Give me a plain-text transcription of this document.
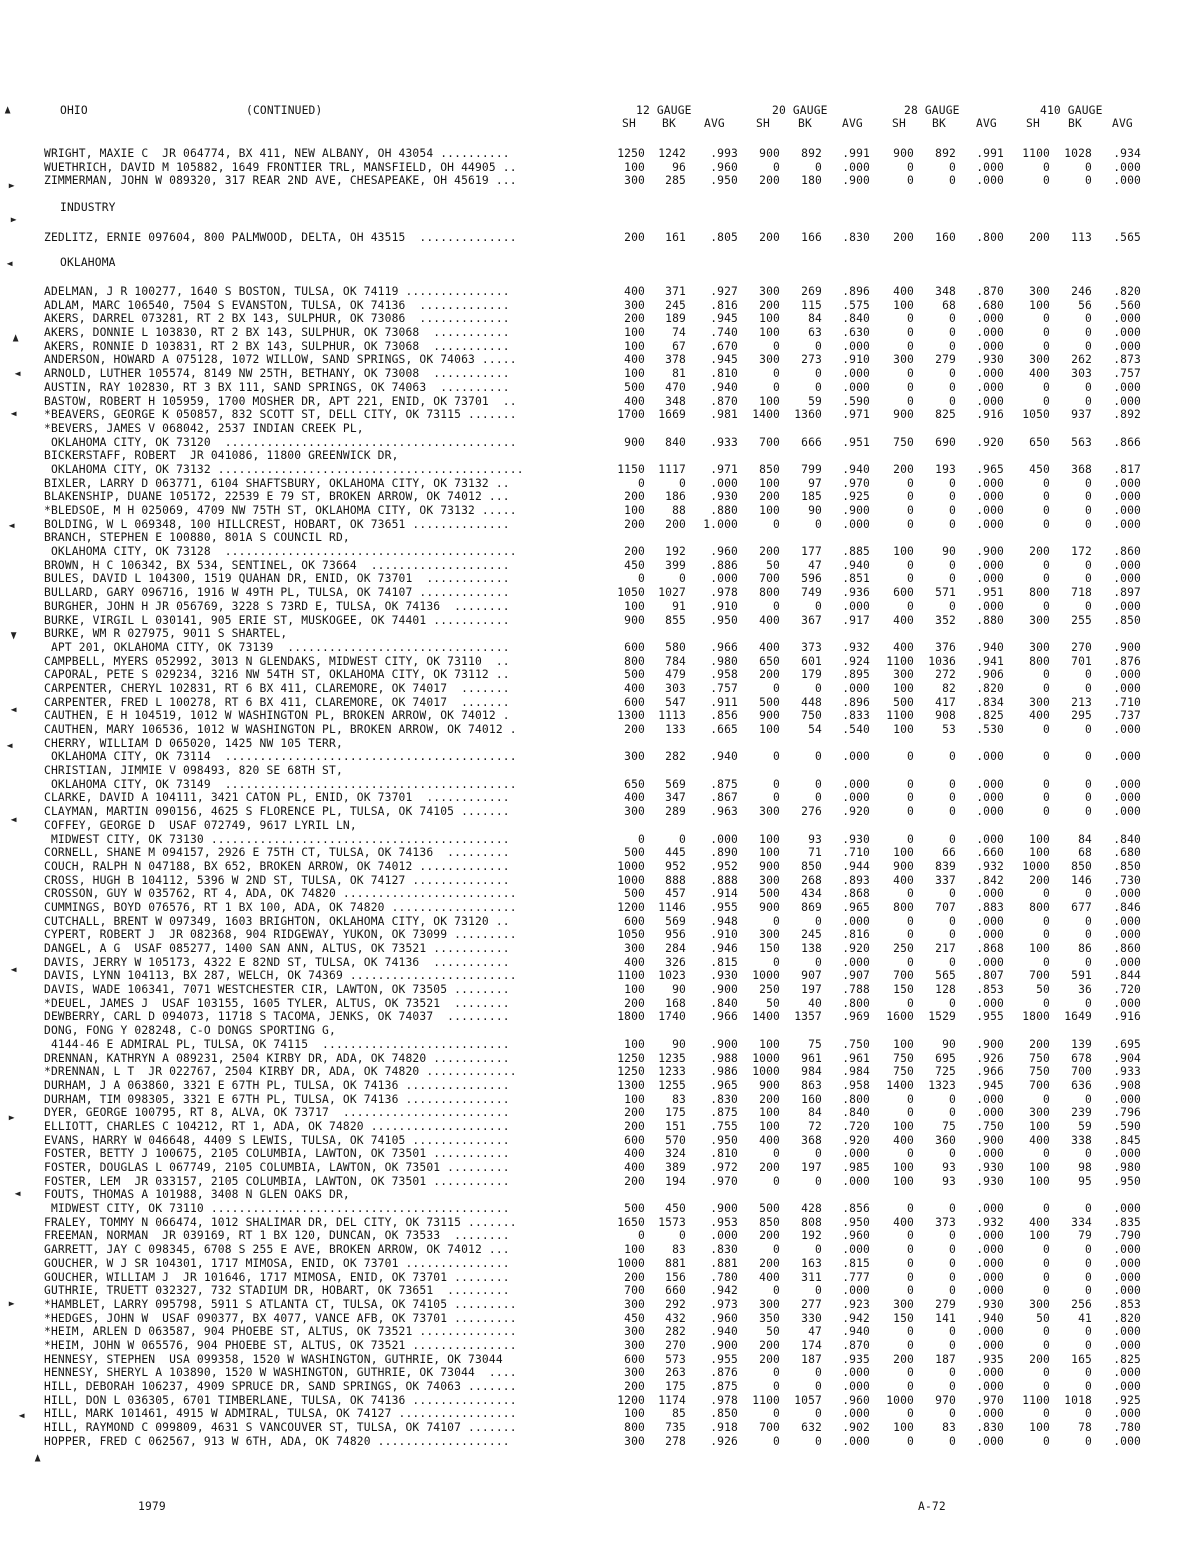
OHIO	(CONTINUED)	12 GAUGE	20 GAUGE	28 GAUGE	410 GAUGE
SH BK AVG	SH BK	AVG	SH BK	AVG	SH BK	AVG
WRIGHT, MAXIE C  JR 064774, BX 411, NEW ALBANY, OH 43054 ..........	1250	1242	.993	900	892	.991	900	892	.991	1100	1028	.934
WUETHRICH, DAVID M 105882, 1649 FRONTIER TRL, MANSFIELD, OH 44905 ..	100	96	.960	0	0	.000	0	0	.000	0	0	.000
ZIMMERMAN, JOHN W 089320, 317 REAR 2ND AVE, CHESAPEAKE, OH 45619 ...	300	285	.950	200	180	.900	0	0	.000	0	0	.000
INDUSTRY
ZEDLITZ, ERNIE 097604, 800 PALMWOOD, DELTA, OH 43515  ..............	200	161	.805	200	166	.830	200	160	.800	200	113	.565
OKLAHOMA
ADELMAN, J R 100277, 1640 S BOSTON, TULSA, OK 74119 ...............	400	371	.927	300	269	.896	400	348	.870	300	246	.820
ADLAM, MARC 106540, 7504 S EVANSTON, TULSA, OK 74136  .............	300	245	.816	200	115	.575	100	68	.680	100	56	.560
AKERS, DARREL 073281, RT 2 BX 143, SULPHUR, OK 73086  .............	200	189	.945	100	84	.840	0	0	.000	0	0	.000
AKERS, DONNIE L 103830, RT 2 BX 143, SULPHUR, OK 73068  ...........	100	74	.740	100	63	.630	0	0	.000	0	0	.000
AKERS, RONNIE D 103831, RT 2 BX 143, SULPHUR, OK 73068  ...........	100	67	.670	0	0	.000	0	0	.000	0	0	.000
ANDERSON, HOWARD A 075128, 1072 WILLOW, SAND SPRINGS, OK 74063 .....	400	378	.945	300	273	.910	300	279	.930	300	262	.873
ARNOLD, LUTHER 105574, 8149 NW 25TH, BETHANY, OK 73008  ...........	100	81	.810	0	0	.000	0	0	.000	400	303	.757
AUSTIN, RAY 102830, RT 3 BX 111, SAND SPRINGS, OK 74063  ..........	500	470	.940	0	0	.000	0	0	.000	0	0	.000
BASTOW, ROBERT H 105959, 1700 MOSHER DR, APT 221, ENID, OK 73701  ..	400	348	.870	100	59	.590	0	0	.000	0	0	.000
*BEAVERS, GEORGE K 050857, 832 SCOTT ST, DELL CITY, OK 73115 .......	1700	1669	.981	1400	1360	.971	900	825	.916	1050	937	.892
*BEVERS, JAMES V 068042, 2537 INDIAN CREEK PL,
OKLAHOMA CITY, OK 73120  ..........................................	900	840	.933	700	666	.951	750	690	.920	650	563	.866
BICKERSTAFF, ROBERT  JR 041086, 11800 GREENWICK DR,
OKLAHOMA CITY, OK 73132 ............................................	1150	1117	.971	850	799	.940	200	193	.965	450	368	.817
BIXLER, LARRY D 063771, 6104 SHAFTSBURY, OKLAHOMA CITY, OK 73132 ..	0	0	.000	100	97	.970	0	0	.000	0	0	.000
BLAKENSHIP, DUANE 105172, 22539 E 79 ST, BROKEN ARROW, OK 74012 ...	200	186	.930	200	185	.925	0	0	.000	0	0	.000
*BLEDSOE, M H 025069, 4709 NW 75TH ST, OKLAHOMA CITY, OK 73132 .....	100	88	.880	100	90	.900	0	0	.000	0	0	.000
BOLDING, W L 069348, 100 HILLCREST, HOBART, OK 73651 ..............	200	200	1.000	0	0	.000	0	0	.000	0	0	.000
BRANCH, STEPHEN E 100880, 801A S COUNCIL RD,
OKLAHOMA CITY, OK 73128  ..........................................	200	192	.960	200	177	.885	100	90	.900	200	172	.860
BROWN, H C 106342, BX 534, SENTINEL, OK 73664  ....................	450	399	.886	50	47	.940	0	0	.000	0	0	.000
BULES, DAVID L 104300, 1519 QUAHAN DR, ENID, OK 73701  ............	0	0	.000	700	596	.851	0	0	.000	0	0	.000
BULLARD, GARY 096716, 1916 W 49TH PL, TULSA, OK 74107 .............	1050	1027	.978	800	749	.936	600	571	.951	800	718	.897
BURGHER, JOHN H JR 056769, 3228 S 73RD E, TULSA, OK 74136  ........	100	91	.910	0	0	.000	0	0	.000	0	0	.000
BURKE, VIRGIL L 030141, 905 ERIE ST, MUSKOGEE, OK 74401 ...........	900	855	.950	400	367	.917	400	352	.880	300	255	.850
BURKE, WM R 027975, 9011 S SHARTEL,
APT 201, OKLAHOMA CITY, OK 73139  ................................	600	580	.966	400	373	.932	400	376	.940	300	270	.900
CAMPBELL, MYERS 052992, 3013 N GLENDAKS, MIDWEST CITY, OK 73110  ..	800	784	.980	650	601	.924	1100	1036	.941	800	701	.876
CAPORAL, PETE S 029234, 3216 NW 54TH ST, OKLAHOMA CITY, OK 73112 ..	500	479	.958	200	179	.895	300	272	.906	0	0	.000
CARPENTER, CHERYL 102831, RT 6 BX 411, CLAREMORE, OK 74017  .......	400	303	.757	0	0	.000	100	82	.820	0	0	.000
CARPENTER, FRED L 100278, RT 6 BX 411, CLAREMORE, OK 74017  .......	600	547	.911	500	448	.896	500	417	.834	300	213	.710
CAUTHEN, E H 104519, 1012 W WASHINGTON PL, BROKEN ARROW, OK 74012 .	1300	1113	.856	900	750	.833	1100	908	.825	400	295	.737
CAUTHEN, MARY 106536, 1012 W WASHINGTON PL, BROKEN ARROW, OK 74012 .	200	133	.665	100	54	.540	100	53	.530	0	0	.000
CHERRY, WILLIAM D 065020, 1425 NW 105 TERR,
OKLAHOMA CITY, OK 73114  ..........................................	300	282	.940	0	0	.000	0	0	.000	0	0	.000
CHRISTIAN, JIMMIE V 098493, 820 SE 68TH ST,
OKLAHOMA CITY, OK 73149  ..........................................	650	569	.875	0	0	.000	0	0	.000	0	0	.000
CLARKE, DAVID A 104111, 3421 CATON PL, ENID, OK 73701  ............	400	347	.867	0	0	.000	0	0	.000	0	0	.000
CLAYMAN, MARTIN 090156, 4625 S FLORENCE PL, TULSA, OK 74105 .......	300	289	.963	300	276	.920	0	0	.000	0	0	.000
COFFEY, GEORGE D  USAF 072749, 9617 LYRIL LN,
MIDWEST CITY, OK 73130 ...........................................	0	0	.000	100	93	.930	0	0	.000	100	84	.840
CORNELL, SHANE M 094157, 2926 E 75TH CT, TULSA, OK 74136  .........	500	445	.890	100	71	.710	100	66	.660	100	68	.680
COUCH, RALPH N 047188, BX 652, BROKEN ARROW, OK 74012 .............	1000	952	.952	900	850	.944	900	839	.932	1000	850	.850
CROSS, HUGH B 104112, 5396 W 2ND ST, TULSA, OK 74127 ..............	1000	888	.888	300	268	.893	400	337	.842	200	146	.730
CROSSON, GUY W 035762, RT 4, ADA, OK 74820 .........................	500	457	.914	500	434	.868	0	0	.000	0	0	.000
CUMMINGS, BOYD 076576, RT 1 BX 100, ADA, OK 74820 ..................	1200	1146	.955	900	869	.965	800	707	.883	800	677	.846
CUTCHALL, BRENT W 097349, 1603 BRIGHTON, OKLAHOMA CITY, OK 73120 ..	600	569	.948	0	0	.000	0	0	.000	0	0	.000
CYPERT, ROBERT J  JR 082368, 904 RIDGEWAY, YUKON, OK 73099 .........	1050	956	.910	300	245	.816	0	0	.000	0	0	.000
DANGEL, A G  USAF 085277, 1400 SAN ANN, ALTUS, OK 73521 ...........	300	284	.946	150	138	.920	250	217	.868	100	86	.860
DAVIS, JERRY W 105173, 4322 E 82ND ST, TULSA, OK 74136  ...........	400	326	.815	0	0	.000	0	0	.000	0	0	.000
DAVIS, LYNN 104113, BX 287, WELCH, OK 74369 ........................	1100	1023	.930	1000	907	.907	700	565	.807	700	591	.844
DAVIS, WADE 106341, 7071 WESTCHESTER CIR, LAWTON, OK 73505 ........	100	90	.900	250	197	.788	150	128	.853	50	36	.720
*DEUEL, JAMES J  USAF 103155, 1605 TYLER, ALTUS, OK 73521  ........	200	168	.840	50	40	.800	0	0	.000	0	0	.000
DEWBERRY, CARL D 094073, 11718 S TACOMA, JENKS, OK 74037  .........	1800	1740	.966	1400	1357	.969	1600	1529	.955	1800	1649	.916
DONG, FONG Y 028248, C-O DONGS SPORTING G,
4144-46 E ADMIRAL PL, TULSA, OK 74115  ...........................	100	90	.900	100	75	.750	100	90	.900	200	139	.695
DRENNAN, KATHRYN A 089231, 2504 KIRBY DR, ADA, OK 74820 ...........	1250	1235	.988	1000	961	.961	750	695	.926	750	678	.904
*DRENNAN, L T  JR 022767, 2504 KIRBY DR, ADA, OK 74820 .............	1250	1233	.986	1000	984	.984	750	725	.966	750	700	.933
DURHAM, J A 063860, 3321 E 67TH PL, TULSA, OK 74136 ...............	1300	1255	.965	900	863	.958	1400	1323	.945	700	636	.908
DURHAM, TIM 098305, 3321 E 67TH PL, TULSA, OK 74136 ...............	100	83	.830	200	160	.800	0	0	.000	0	0	.000
DYER, GEORGE 100795, RT 8, ALVA, OK 73717  ........................	200	175	.875	100	84	.840	0	0	.000	300	239	.796
ELLIOTT, CHARLES C 104212, RT 1, ADA, OK 74820 ....................	200	151	.755	100	72	.720	100	75	.750	100	59	.590
EVANS, HARRY W 046648, 4409 S LEWIS, TULSA, OK 74105 ..............	600	570	.950	400	368	.920	400	360	.900	400	338	.845
FOSTER, BETTY J 100675, 2105 COLUMBIA, LAWTON, OK 73501 ...........	400	324	.810	0	0	.000	0	0	.000	0	0	.000
FOSTER, DOUGLAS L 067749, 2105 COLUMBIA, LAWTON, OK 73501 .........	400	389	.972	200	197	.985	100	93	.930	100	98	.980
FOSTER, LEM  JR 033157, 2105 COLUMBIA, LAWTON, OK 73501 ...........	200	194	.970	0	0	.000	100	93	.930	100	95	.950
FOUTS, THOMAS A 101988, 3408 N GLEN OAKS DR,
MIDWEST CITY, OK 73110 ...........................................	500	450	.900	500	428	.856	0	0	.000	0	0	.000
FRALEY, TOMMY N 066474, 1012 SHALIMAR DR, DEL CITY, OK 73115 .......	1650	1573	.953	850	808	.950	400	373	.932	400	334	.835
FREEMAN, NORMAN  JR 039169, RT 1 BX 120, DUNCAN, OK 73533  ........	0	0	.000	200	192	.960	0	0	.000	100	79	.790
GARRETT, JAY C 098345, 6708 S 255 E AVE, BROKEN ARROW, OK 74012 ...	100	83	.830	0	0	.000	0	0	.000	0	0	.000
GOUCHER, W J SR 104301, 1717 MIMOSA, ENID, OK 73701 ...............	1000	881	.881	200	163	.815	0	0	.000	0	0	.000
GOUCHER, WILLIAM J  JR 101646, 1717 MIMOSA, ENID, OK 73701 ........	200	156	.780	400	311	.777	0	0	.000	0	0	.000
GUTHRIE, TRUETT 032327, 732 STADIUM DR, HOBART, OK 73651  .........	700	660	.942	0	0	.000	0	0	.000	0	0	.000
*HAMBLET, LARRY 095798, 5911 S ATLANTA CT, TULSA, OK 74105 .........	300	292	.973	300	277	.923	300	279	.930	300	256	.853
*HEDGES, JOHN W  USAF 090377, BX 4077, VANCE AFB, OK 73701 .........	450	432	.960	350	330	.942	150	141	.940	50	41	.820
*HEIM, ARLEN D 063587, 904 PHOEBE ST, ALTUS, OK 73521 ..............	300	282	.940	50	47	.940	0	0	.000	0	0	.000
*HEIM, JOHN W 065576, 904 PHOEBE ST, ALTUS, OK 73521 ...............	300	270	.900	200	174	.870	0	0	.000	0	0	.000
HENNESY, STEPHEN  USA 099358, 1520 W WASHINGTON, GUTHRIE, OK 73044	600	573	.955	200	187	.935	200	187	.935	200	165	.825
HENNESY, SHERYL A 103890, 1520 W WASHINGTON, GUTHRIE, OK 73044  ....	300	263	.876	0	0	.000	0	0	.000	0	0	.000
HILL, DEBORAH 106237, 4909 SPRUCE DR, SAND SPRINGS, OK 74063 .......	200	175	.875	0	0	.000	0	0	.000	0	0	.000
HILL, DON L 036305, 6701 TIMBERLANE, TULSA, OK 74136 ...............	1200	1174	.978	1100	1057	.960	1000	970	.970	1100	1018	.925
HILL, MARK 101461, 4915 W ADMIRAL, TULSA, OK 74127 .................	100	85	.850	0	0	.000	0	0	.000	0	0	.000
HILL, RAYMOND C 099809, 4631 S VANCOUVER ST, TULSA, OK 74107 .......	800	735	.918	700	632	.902	100	83	.830	100	78	.780
HOPPER, FRED C 062567, 913 W 6TH, ADA, OK 74820 ...................	300	278	.926	0	0	.000	0	0	.000	0	0	.000
1979	A-72
▲
►
►
◄
▲
◄
◄
◄
▼
◄
◄
◄
◄
►
◄
►
◄
▲
